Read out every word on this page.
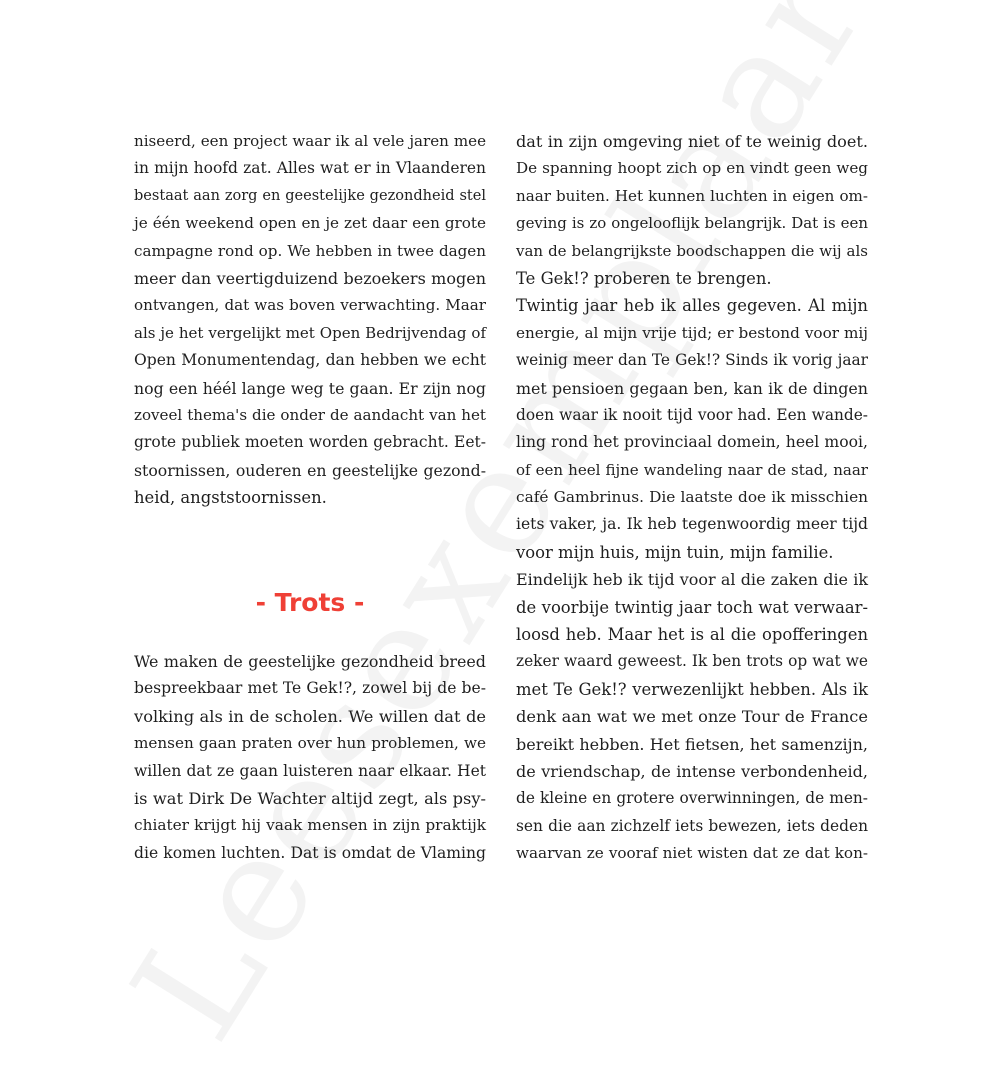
niseerd, een project waar ik al vele jaren mee
in mijn hoofd zat. Alles wat er in Vlaanderen
bestaat aan zorg en geestelijke gezondheid stel
je één weekend open en je zet daar een grote
campagne rond op. We hebben in twee dagen
meer dan veertigduizend bezoekers mogen
ontvangen, dat was boven verwachting. Maar
als je het vergelijkt met Open Bedrijvendag of
Open Monumentendag, dan hebben we echt
nog een héél lange weg te gaan. Er zijn nog
zoveel thema's die onder de aandacht van het
grote publiek moeten worden gebracht. Eet-
stoornissen, ouderen en geestelijke gezond-
heid, angststoornissen.
- Trots -
We maken de geestelijke gezondheid breed
bespreekbaar met Te Gek!?, zowel bij de be-
volking als in de scholen. We willen dat de
mensen gaan praten over hun problemen, we
willen dat ze gaan luisteren naar elkaar. Het
is wat Dirk De Wachter altijd zegt, als psy-
chiater krijgt hij vaak mensen in zijn praktijk
die komen luchten. Dat is omdat de Vlaming
dat in zijn omgeving niet of te weinig doet.
De spanning hoopt zich op en vindt geen weg
naar buiten. Het kunnen luchten in eigen om-
geving is zo ongelooflijk belangrijk. Dat is een
van de belangrijkste boodschappen die wij als
Te Gek!? proberen te brengen.
Twintig jaar heb ik alles gegeven. Al mijn
energie, al mijn vrije tijd; er bestond voor mij
weinig meer dan Te Gek!? Sinds ik vorig jaar
met pensioen gegaan ben, kan ik de dingen
doen waar ik nooit tijd voor had. Een wande-
ling rond het provinciaal domein, heel mooi,
of een heel fijne wandeling naar de stad, naar
café Gambrinus. Die laatste doe ik misschien
iets vaker, ja. Ik heb tegenwoordig meer tijd
voor mijn huis, mijn tuin, mijn familie.
Eindelijk heb ik tijd voor al die zaken die ik
de voorbije twintig jaar toch wat verwaar-
loosd heb. Maar het is al die opofferingen
zeker waard geweest. Ik ben trots op wat we
met Te Gek!? verwezenlijkt hebben. Als ik
denk aan wat we met onze Tour de France
bereikt hebben. Het fietsen, het samenzijn,
de vriendschap, de intense verbondenheid,
de kleine en grotere overwinningen, de men-
sen die aan zichzelf iets bewezen, iets deden
waarvan ze vooraf niet wisten dat ze dat kon-
